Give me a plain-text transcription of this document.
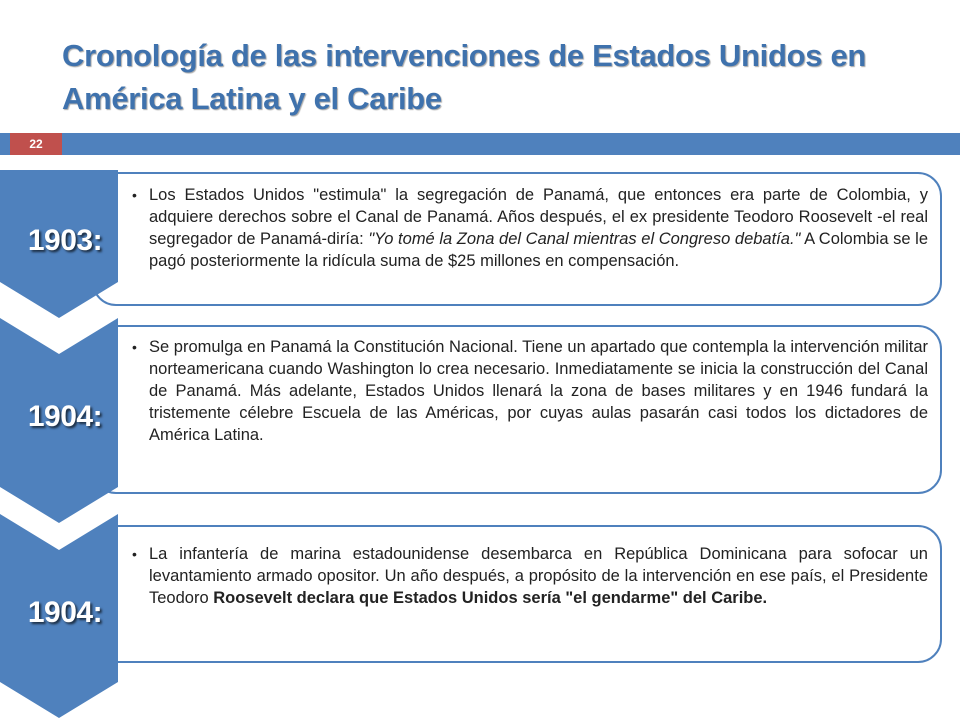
Cronología de las intervenciones de Estados Unidos en América Latina y el Caribe
22
• Los Estados Unidos "estimula" la segregación de Panamá, que entonces era parte de Colombia, y adquiere derechos sobre el Canal de Panamá. Años después, el ex presidente Teodoro Roosevelt -el real segregador de Panamá-diría: "Yo tomé la Zona del Canal mientras el Congreso debatía." A Colombia se le pagó posteriormente la ridícula suma de $25 millones en compensación.
• Se promulga en Panamá la Constitución Nacional. Tiene un apartado que contempla la intervención militar norteamericana cuando Washington lo crea necesario. Inmediatamente se inicia la construcción del Canal de Panamá. Más adelante, Estados Unidos llenará la zona de bases militares y en 1946 fundará la tristemente célebre Escuela de las Américas, por cuyas aulas pasarán casi todos los dictadores de América Latina.
• La infantería de marina estadounidense desembarca en República Dominicana para sofocar un levantamiento armado opositor. Un año después, a propósito de la intervención en ese país, el Presidente Teodoro Roosevelt declara que Estados Unidos sería "el gendarme" del Caribe.
1903:
1904:
1904:
